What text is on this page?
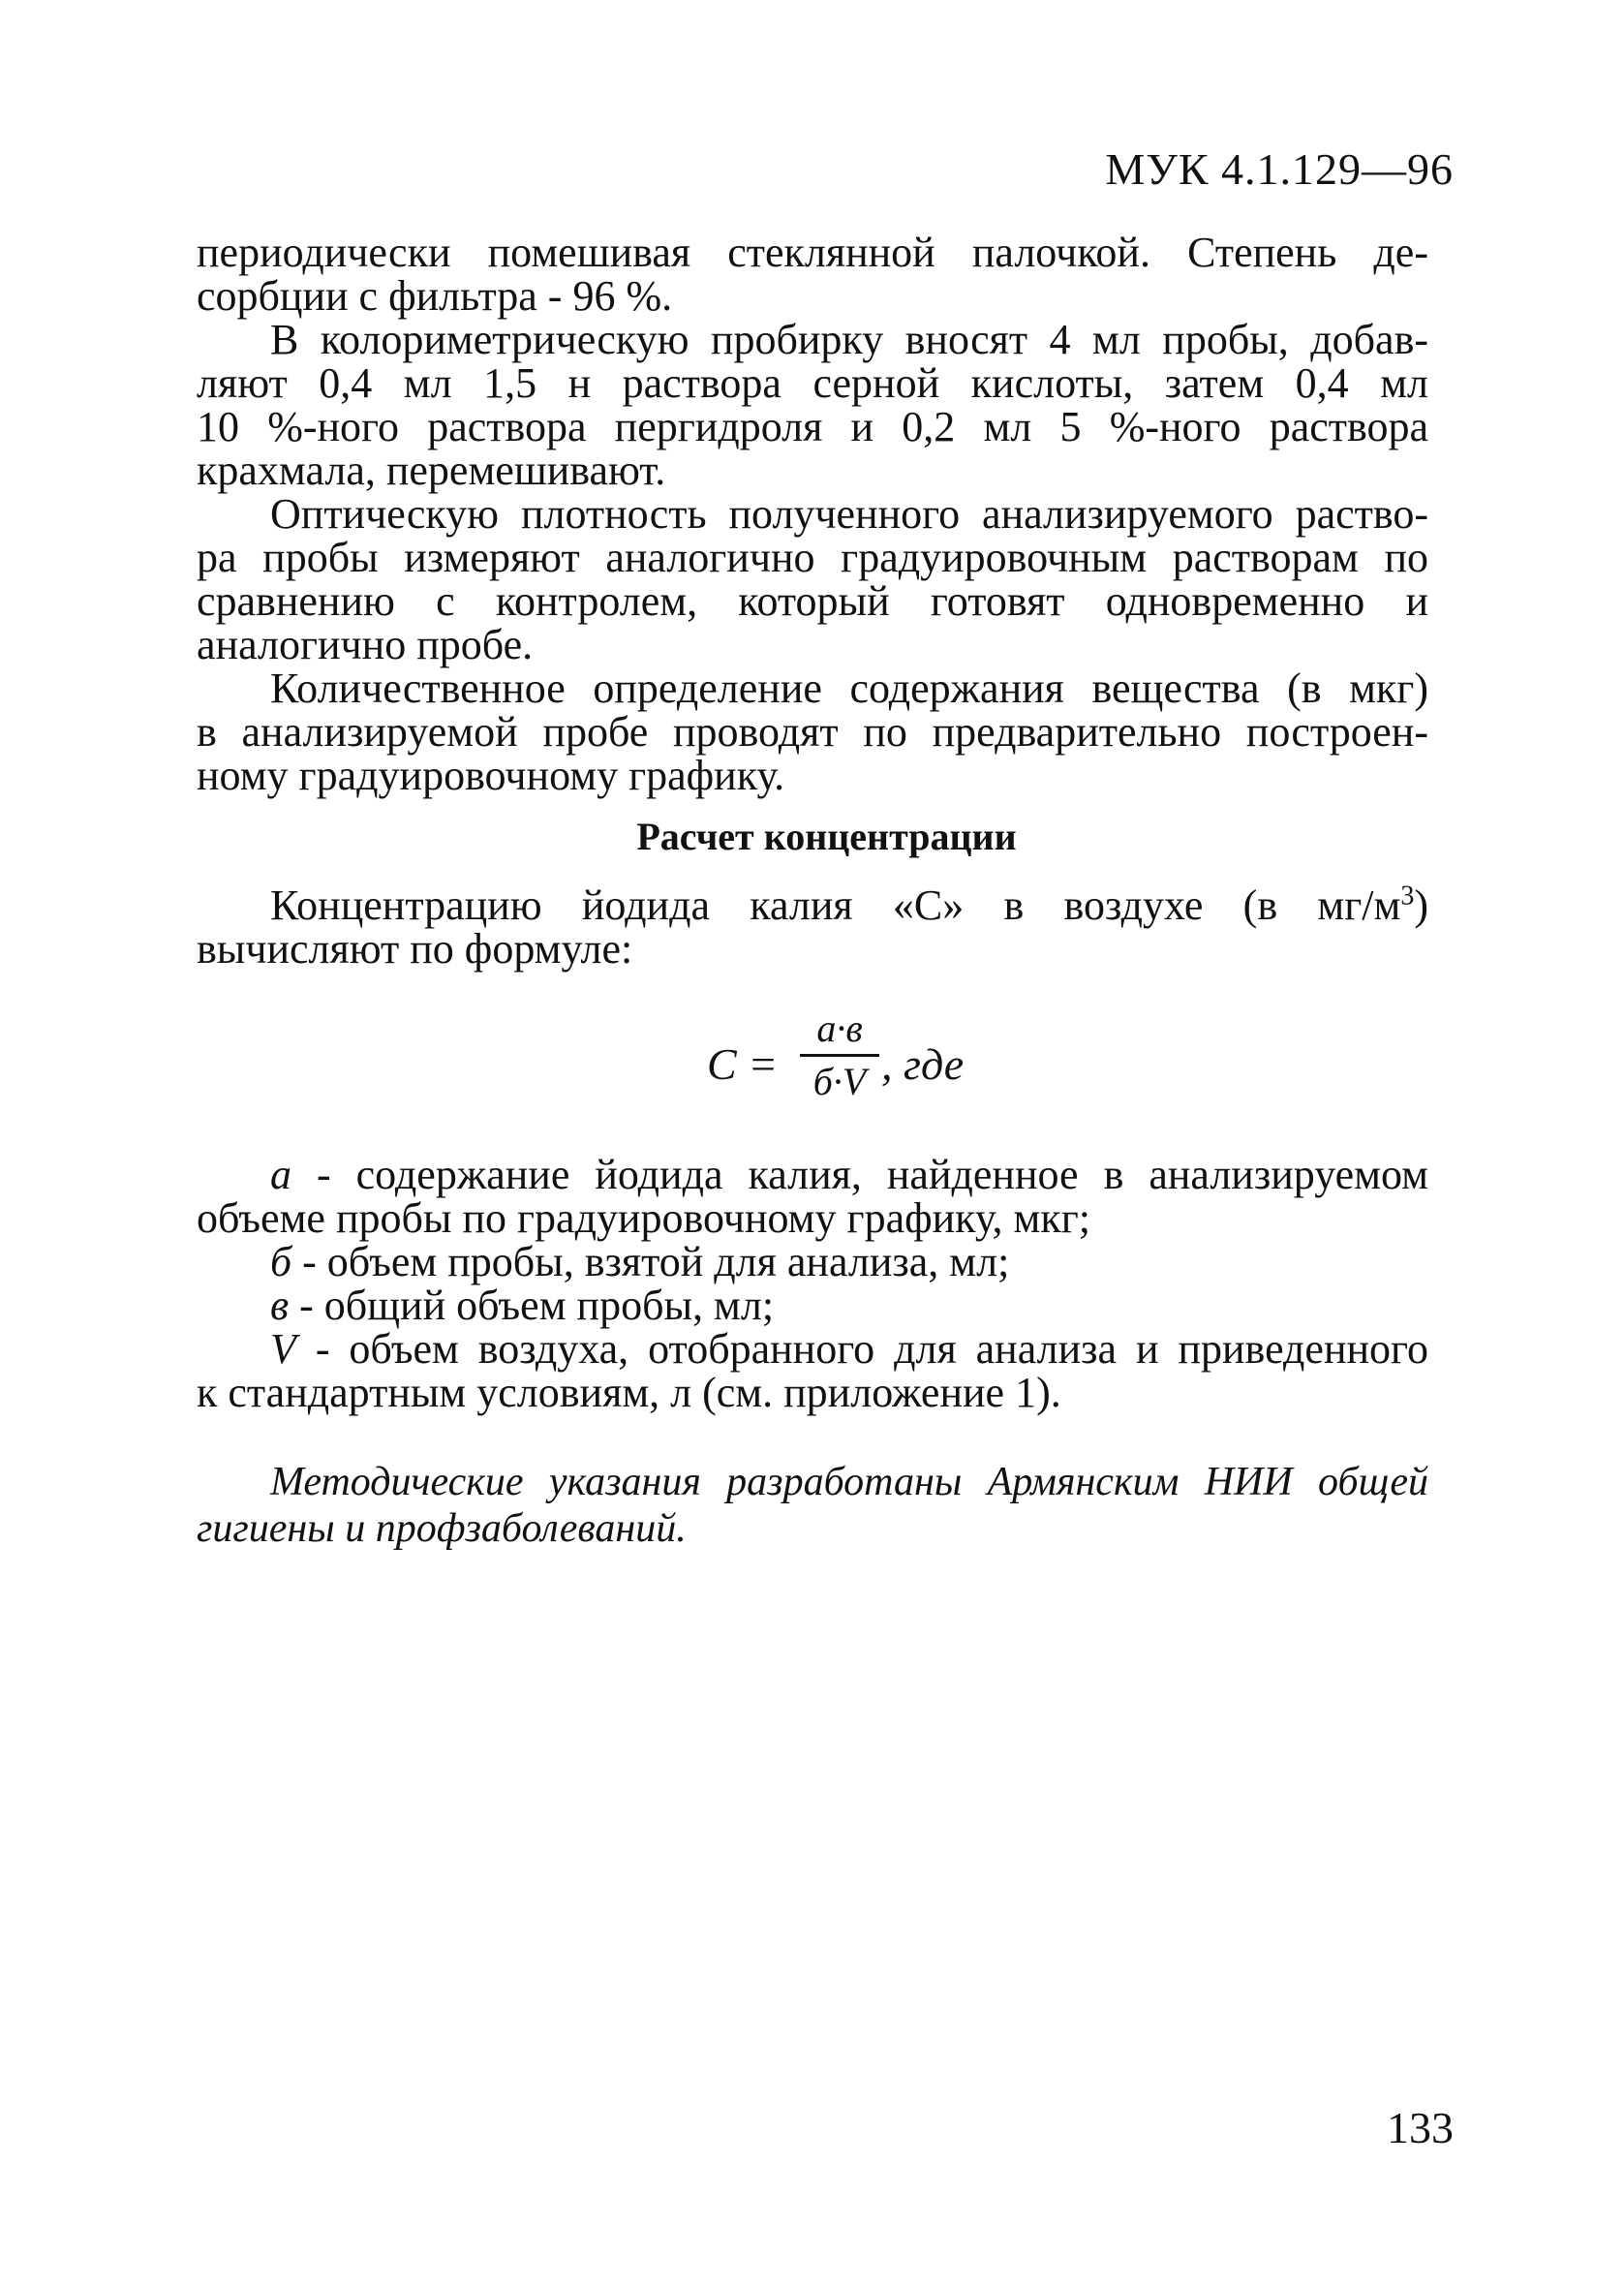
МУК 4.1.129—96
периодически помешивая стеклянной палочкой. Степень де-
сорбции с фильтра - 96 %.
В колориметрическую пробирку вносят 4 мл пробы, добав-
ляют 0,4 мл 1,5 н раствора серной кислоты, затем 0,4 мл
10 %-ного раствора пергидроля и 0,2 мл 5 %-ного раствора
крахмала, перемешивают.
Оптическую плотность полученного анализируемого раство-
ра пробы измеряют аналогично градуировочным растворам по
сравнению с контролем, который готовят одновременно и
аналогично пробе.
Количественное определение содержания вещества (в мкг)
в анализируемой пробе проводят по предварительно построен-
ному градуировочному графику.
Расчет концентрации
Концентрацию йодида калия «С» в воздухе (в $мг/м^3$)
вычисляют по формуле:
C =
а·в
б·V , где
а - содержание йодида калия, найденное в анализируемом
объеме пробы по градуировочному графику, мкг;
б - объем пробы, взятой для анализа, мл;
в - общий объем пробы, мл;
V - объем воздуха, отобранного для анализа и приведенного
к стандартным условиям, л (см. приложение 1).
Методические указания разработаны Армянским НИИ общей
гигиены и профзаболеваний.
133
